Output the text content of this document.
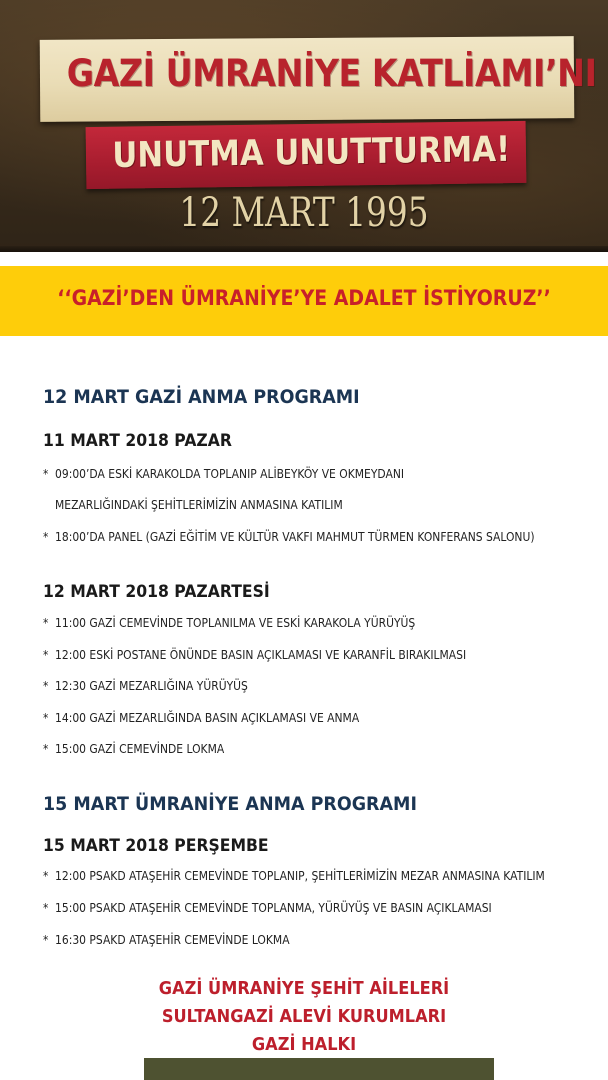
GAZİ ÜMRANİYE KATLİAMI’NI
UNUTMA UNUTTURMA!
12 MART 1995
‘‘GAZİ’DEN ÜMRANİYE’YE ADALET İSTİYORUZ’’
12 MART GAZİ ANMA PROGRAMI
11 MART 2018 PAZAR
* 09:00’DA ESKİ KARAKOLDA TOPLANIP ALİBEYKÖY VE OKMEYDANI
MEZARLIĞINDAKİ ŞEHİTLERİMİZİN ANMASINA KATILIM
* 18:00’DA PANEL (GAZİ EĞİTİM VE KÜLTÜR VAKFI MAHMUT TÜRMEN KONFERANS SALONU)
12 MART 2018 PAZARTESİ
* 11:00 GAZİ CEMEVİNDE TOPLANILMA VE ESKİ KARAKOLA YÜRÜYÜŞ
* 12:00 ESKİ POSTANE ÖNÜNDE BASIN AÇIKLAMASI VE KARANFİL BIRAKILMASI
* 12:30 GAZİ MEZARLIĞINA YÜRÜYÜŞ
* 14:00 GAZİ MEZARLIĞINDA BASIN AÇIKLAMASI VE ANMA
* 15:00 GAZİ CEMEVİNDE LOKMA
15 MART ÜMRANİYE ANMA PROGRAMI
15 MART 2018 PERŞEMBE
* 12:00 PSAKD ATAŞEHİR CEMEVİNDE TOPLANIP, ŞEHİTLERİMİZİN MEZAR ANMASINA KATILIM
* 15:00 PSAKD ATAŞEHİR CEMEVİNDE TOPLANMA, YÜRÜYÜŞ VE BASIN AÇIKLAMASI
* 16:30 PSAKD ATAŞEHİR CEMEVİNDE LOKMA
GAZİ ÜMRANİYE ŞEHİT AİLELERİ
SULTANGAZİ ALEVİ KURUMLARI
GAZİ HALKI
